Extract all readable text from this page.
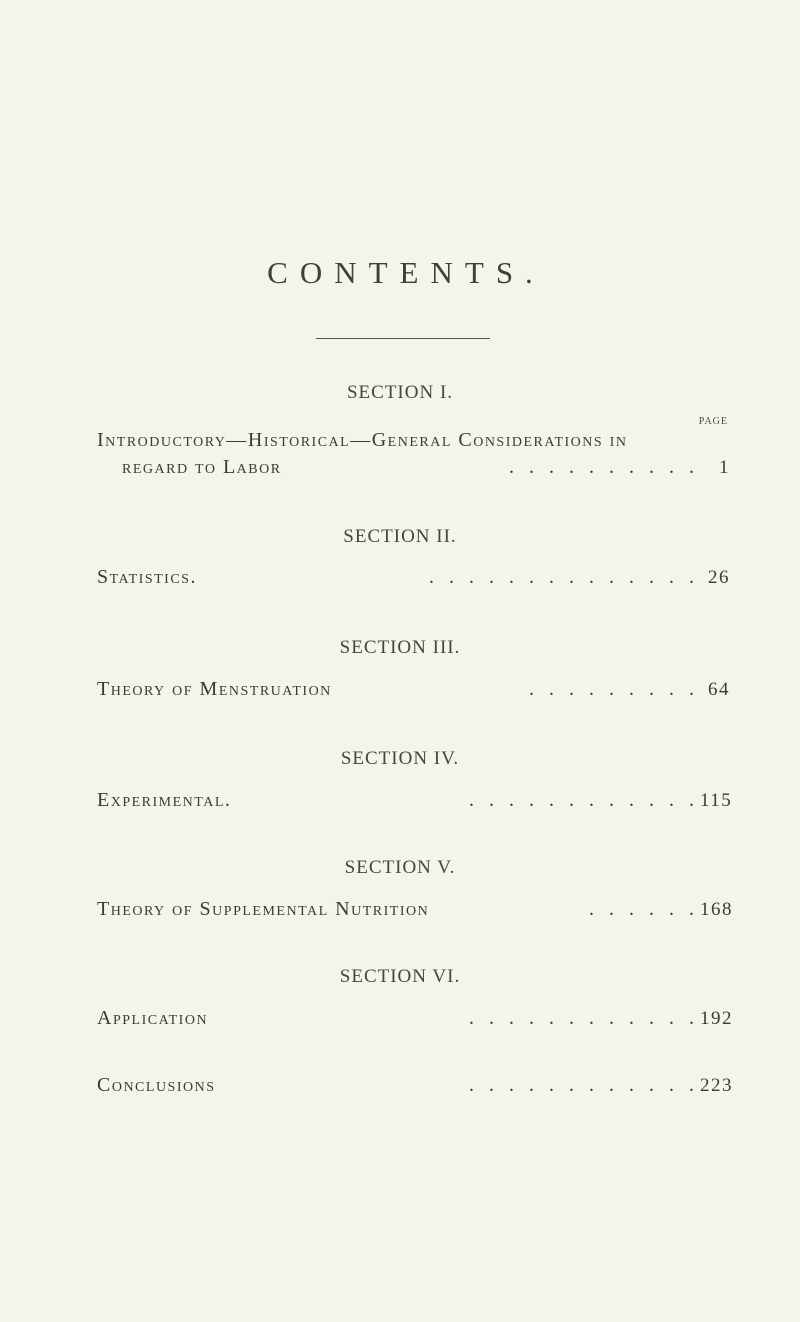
CONTENTS.
SECTION I.
PAGE
Introductory—Historical—General Considerations in
regard to Labor	.   .   .   .   .   .   .   .   .   .	1
SECTION II.
Statistics.	.   .   .   .   .   .   .   .   .   .   .   .   .   . 26
SECTION III.
Theory of Menstruation	.   .   .   .   .   .   .   .   . 64
SECTION IV.
Experimental.	.   .   .   .   .   .   .   .   .   .   .   . 115
SECTION V.
Theory of Supplemental Nutrition	.   .   .   .   .   . 168
SECTION VI.
Application	.   .   .   .   .   .   .   .   .   .   .   . 192
Conclusions	.   .   .   .   .   .   .   .   .   .   .   . 223
